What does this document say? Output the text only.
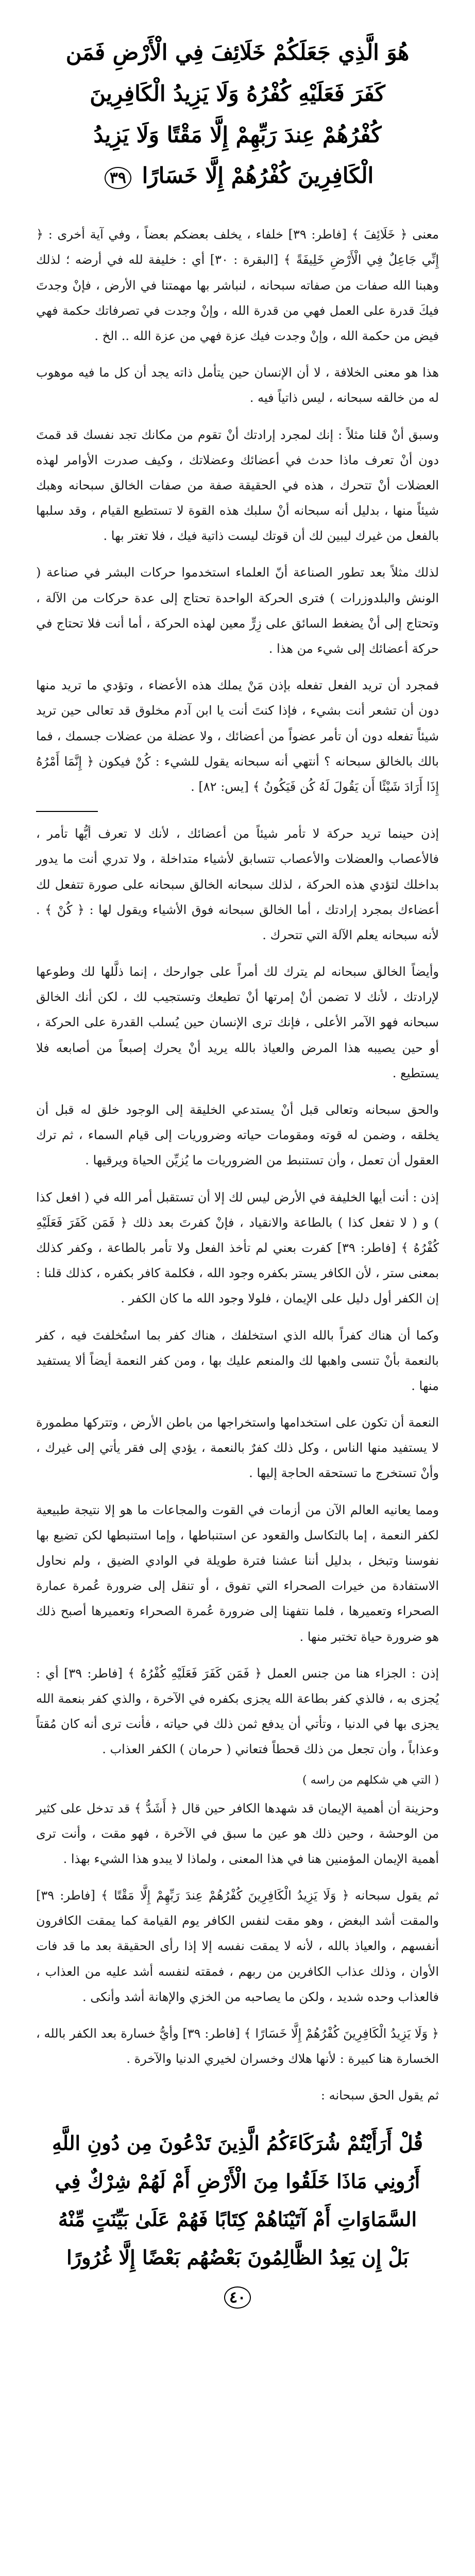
هُوَ الَّذِي جَعَلَكُمْ خَلَائِفَ فِي الْأَرْضِ فَمَن كَفَرَ فَعَلَيْهِ كُفْرُهُ وَلَا يَزِيدُ الْكَافِرِينَ كُفْرُهُمْ عِندَ رَبِّهِمْ إِلَّا مَقْتًا وَلَا يَزِيدُ الْكَافِرِينَ كُفْرُهُمْ إِلَّا خَسَارًا ٣٩

معنى ﴿ خَلَائِفَ ﴾ [فاطر: ٣٩] خلفاء ، يخلف بعضكم بعضاً ، وفي آية أخرى : ﴿ إِنِّي جَاعِلٌ فِي الْأَرْضِ خَلِيفَةً ﴾ [البقرة : ٣٠] أي : خليفة لله في أرضه ؛ لذلك وهبنا الله صفات من صفاته سبحانه ، لنباشر بها مهمتنا في الأرض ، فإنْ وجدتَ فيكَ قدرة على العمل فهي من قدرة الله ، وإنْ وجدت في تصرفاتك حكمة فهي فيض من حكمة الله ، وإنْ وجدت فيك عزة فهي من عزة الله .. الخ .

هذا هو معنى الخلافة ، لا أن الإنسان حين يتأمل ذاته يجد أن كل ما فيه موهوب له من خالقه سبحانه ، ليس ذاتياً فيه .

وسبق أنْ قلنا مثلاً : إنك لمجرد إرادتك أنْ تقوم من مكانك تجد نفسك قد قمتَ دون أنْ تعرف ماذا حدث في أعضائك وعضلاتك ، وكيف صدرت الأوامر لهذه العضلات أنْ تتحرك ، هذه في الحقيقة صفة من صفات الخالق سبحانه وهبك شيئاً منها ، بدليل أنه سبحانه أنْ سلبك هذه القوة لا تستطيع القيام ، وقد سلبها بالفعل من غيرك ليبين لك أن قوتك ليست ذاتية فيك ، فلا تغتر بها .

لذلك مثلاً بعد تطور الصناعة أنّ العلماء استخدموا حركات البشر في صناعة ( الونش والبلدوزرات ) فترى الحركة الواحدة تحتاج إلى عدة حركات من الآلة ، وتحتاج إلى أنْ يضغط السائق على زِرٍّ معين لهذه الحركة ، أما أنت فلا تحتاج في حركة أعضائك إلى شيء من هذا .

فمجرد أن تريد الفعل تفعله بإذن مَنْ يملك هذه الأعضاء ، وتؤدي ما تريد منها دون أن تشعر أنت بشيء ، فإذا كنتَ أنت يا ابن آدم مخلوق قد تعالى حين تريد شيئاً تفعله دون أن تأمر عضواً من أعضائك ، ولا عضلة من عضلات جسمك ، فما بالك بالخالق سبحانه ؟ أنتهي أنه سبحانه يقول للشيء : كُنْ فيكون ﴿ إِنَّمَا أَمْرُهُ إِذَا أَرَادَ شَيْئًا أَن يَقُولَ لَهُ كُن فَيَكُونُ ﴾ [يس: ٨٢] .

إذن حينما تريد حركة لا تأمر شيئاً من أعضائك ، لأنك لا تعرف أيُّها تأمر ، فالأعصاب والعضلات والأعصاب تتسابق لأشياء متداخلة ، ولا تدري أنت ما يدور بداخلك لتؤدي هذه الحركة ، لذلك سبحانه الخالق سبحانه على صورة تتفعل لك أعضاءك بمجرد إرادتك ، أما الخالق سبحانه فوق الأشياء ويقول لها : ﴿ كُنْ ﴾ . لأنه سبحانه يعلم الآلة التي تتحرك .

وأيضاً الخالق سبحانه لم يترك لك أمراً على جوارحك ، إنما ذلَّلها لك وطوعها لإرادتك ، لأنك لا تضمن أنْ إمرتها أنْ تطيعك وتستجيب لك ، لكن أنك الخالق سبحانه فهو الآمر الأعلى ، فإنك ترى الإنسان حين يُسلب القدرة على الحركة ، أو حين يصيبه هذا المرض والعياذ بالله يريد أنْ يحرك إصبعاً من أصابعه فلا يستطيع .

والحق سبحانه وتعالى قبل أنْ يستدعي الخليقة إلى الوجود خلق له قبل أن يخلقه ، وضمن له قوته ومقومات حياته وضروريات إلى قيام السماء ، ثم ترك العقول أن تعمل ، وأن تستنبط من الضروريات ما يُزيِّن الحياة ويرقيها .

إذن : أنت أيها الخليفة في الأرض ليس لك إلا أن تستقبل أمر الله في ( افعل كذا ) و ( لا تفعل كذا ) بالطاعة والانقياد ، فإنْ كفرتَ بعد ذلك ﴿ فَمَن كَفَرَ فَعَلَيْهِ كُفْرُهُ ﴾ [فاطر: ٣٩] كفرت بعني لم تأخذ الفعل ولا تأمر بالطاعة ، وكفر كذلك بمعنى ستر ، لأن الكافر يستر بكفره وجود الله ، فكلمة كافر بكفره ، كذلك قلنا : إن الكفر أول دليل على الإيمان ، فلولا وجود الله ما كان الكفر .

وكما أن هناك كفراً بالله الذي استخلفك ، هناك كفر بما استُخلفتَ فيه ، كفر بالنعمة بأنْ تنسى واهبها لك والمنعم عليك بها ، ومن كفر النعمة أيضاً ألا يستفيد منها .

النعمة أن تكون على استخدامها واستخراجها من باطن الأرض ، وتتركها مطمورة لا يستفيد منها الناس ، وكل ذلك كفرٌ بالنعمة ، يؤدي إلى فقر يأتي إلى غيرك ، وأنْ تستخرج ما تستحقه الحاجة إليها .

ومما يعانيه العالم الآن من أزمات في القوت والمجاعات ما هو إلا نتيجة طبيعية لكفر النعمة ، إما بالتكاسل والقعود عن استنباطها ، وإما استنبطها لكن تضيع بها نفوسنا وتبخل ، بدليل أننا عشنا فترة طويلة في الوادي الضيق ، ولم نحاول الاستفادة من خيرات الصحراء التي تفوق ، أو تنقل إلى ضرورة عُمرة عمارة الصحراء وتعميرها ، فلما نتفهنا إلى ضرورة عُمرة الصحراء وتعميرها أصبح ذلك هو ضرورة حياة تختبر منها .

إذن : الجزاء هنا من جنس العمل ﴿ فَمَن كَفَرَ فَعَلَيْهِ كُفْرُهُ ﴾ [فاطر: ٣٩] أي : يُجزى به ، فالذي كفر بطاعة الله يجزى بكفره في الآخرة ، والذي كفر بنعمة الله يجزى بها في الدنيا ، وتأتي أن يدفع ثمن ذلك في حياته ، فأنت ترى أنه كان مُقتاً وعذاباً ، وأن تجعل من ذلك قحطاً فتعاني ( حرمان ) الكفر العذاب .

( التي هي شكلهم من راسه )

وحزينة أن أهمية الإيمان قد شهدها الكافر حين قال ﴿ أَشَدُّ ﴾ قد تدخل على كثير من الوحشة ، وحين ذلك هو عين ما سبق في الآخرة ، فهو مقت ، وأنت ترى أهمية الإيمان المؤمنين هنا في هذا المعنى ، ولماذا لا يبدو هذا الشيء بهذا .

ثم يقول سبحانه ﴿ وَلَا يَزِيدُ الْكَافِرِينَ كُفْرُهُمْ عِندَ رَبِّهِمْ إِلَّا مَقْتًا ﴾ [فاطر: ٣٩] والمقت أشد البغض ، وهو مقت لنفس الكافر يوم القيامة كما يمقت الكافرون أنفسهم ، والعياذ بالله ، لأنه لا يمقت نفسه إلا إذا رأى الحقيقة بعد ما قد فات الأوان ، وذلك عذاب الكافرين من ربهم ، فمقته لنفسه أشد عليه من العذاب ، فالعذاب وحده شديد ، ولكن ما يصاحبه من الخزي والإهانة أشد وأنكى .

﴿ وَلَا يَزِيدُ الْكَافِرِينَ كُفْرُهُمْ إِلَّا خَسَارًا ﴾ [فاطر: ٣٩] وأيُّ خسارة بعد الكفر بالله ، الخسارة هنا كبيرة : لأنها هلاك وخسران لخيري الدنيا والآخرة .

ثم يقول الحق سبحانه :

قُلْ أَرَأَيْتُمْ شُرَكَاءَكُمُ الَّذِينَ تَدْعُونَ مِن دُونِ اللَّهِ أَرُونِي مَاذَا خَلَقُوا مِنَ الْأَرْضِ أَمْ لَهُمْ شِرْكٌ فِي السَّمَاوَاتِ أَمْ آتَيْنَاهُمْ كِتَابًا فَهُمْ عَلَىٰ بَيِّنَتٍ مِّنْهُ بَلْ إِن يَعِدُ الظَّالِمُونَ بَعْضُهُم بَعْضًا إِلَّا غُرُورًا ٤٠
